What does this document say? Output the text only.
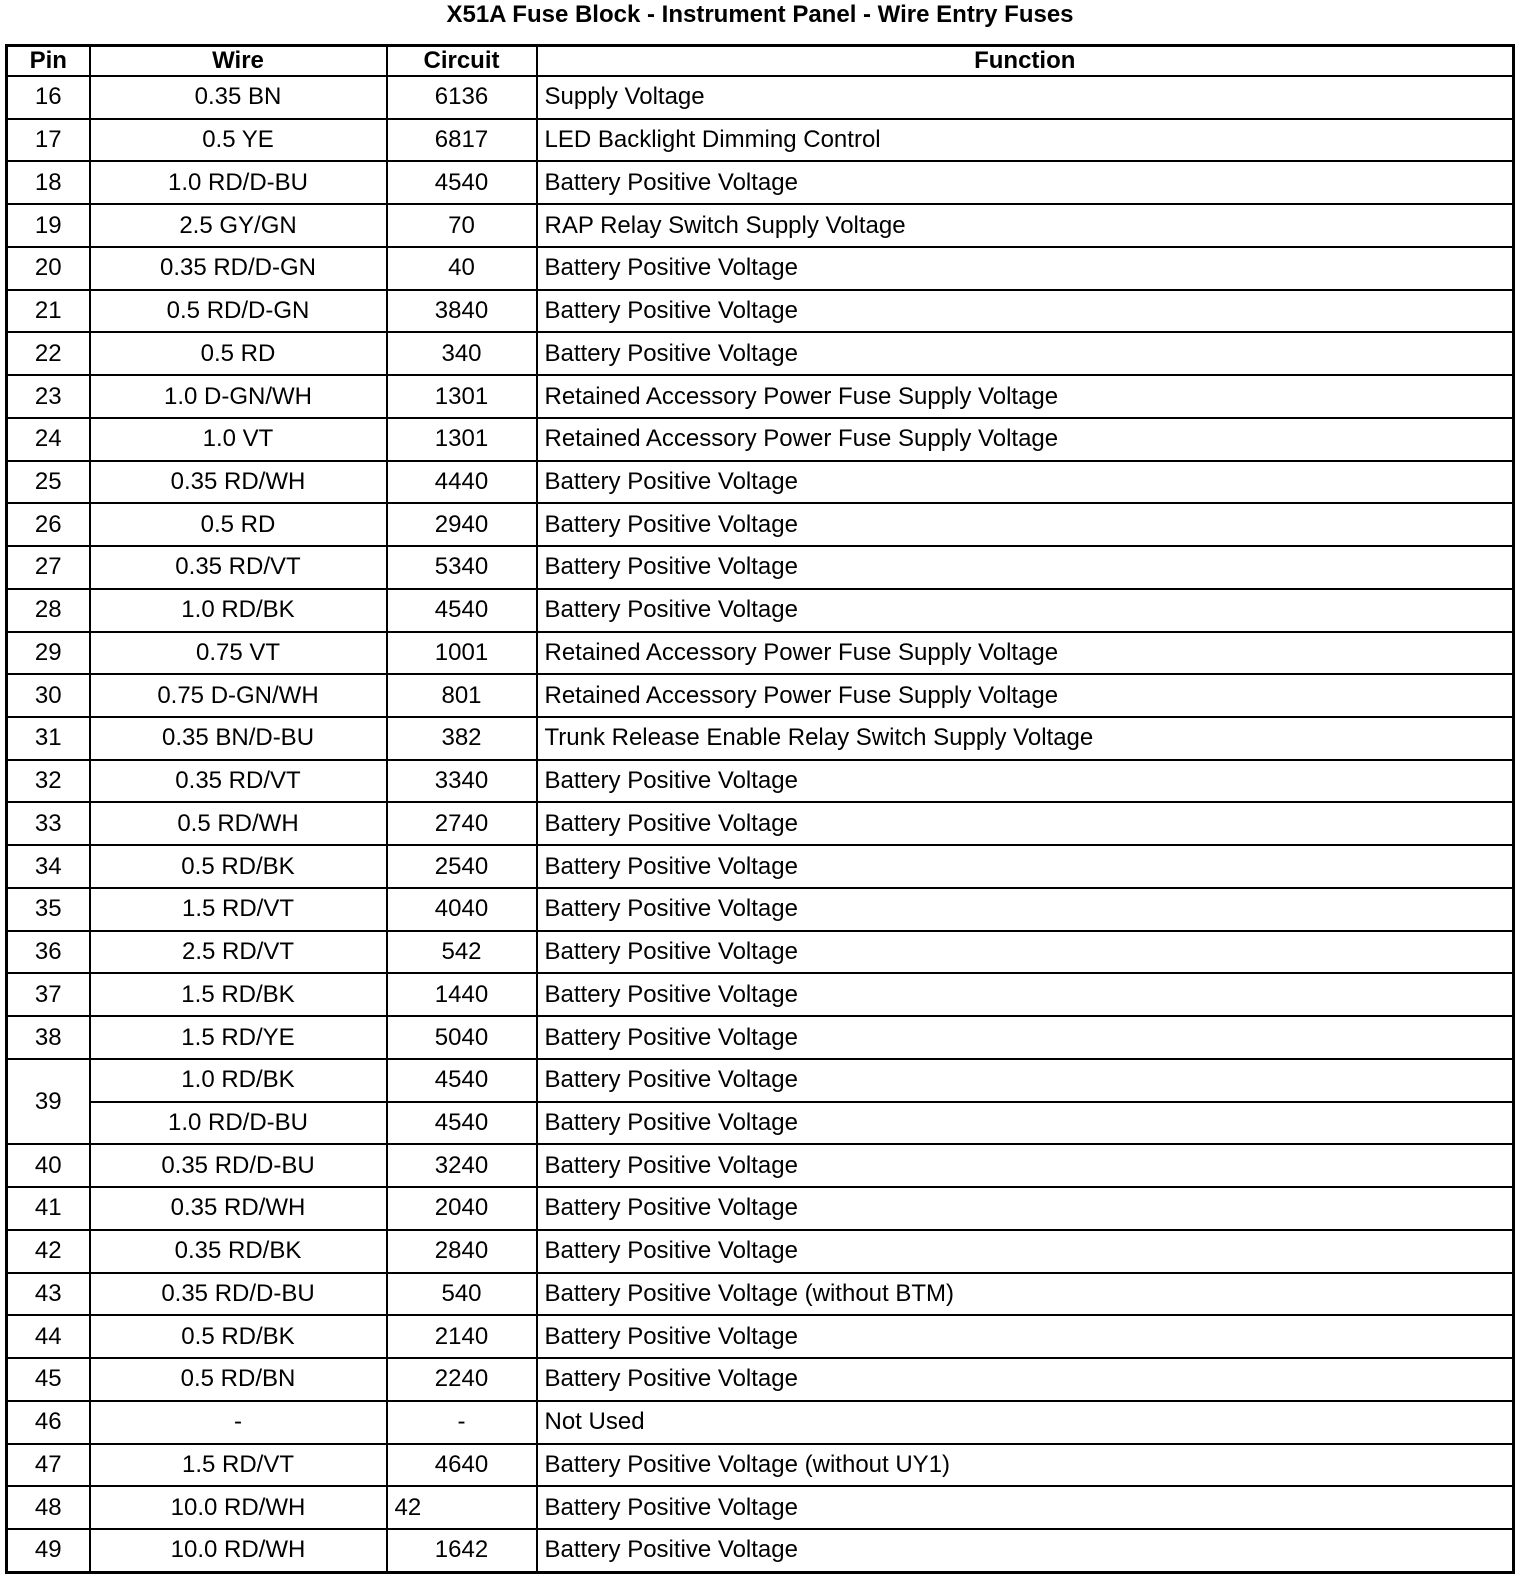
X51A Fuse Block - Instrument Panel - Wire Entry Fuses
Pin	Wire	Circuit	Function
16	0.35 BN	6136	Supply Voltage
17	0.5 YE	6817	LED Backlight Dimming Control
18	1.0 RD/D-BU	4540	Battery Positive Voltage
19	2.5 GY/GN	70	RAP Relay Switch Supply Voltage
20	0.35 RD/D-GN	40	Battery Positive Voltage
21	0.5 RD/D-GN	3840	Battery Positive Voltage
22	0.5 RD	340	Battery Positive Voltage
23	1.0 D-GN/WH	1301	Retained Accessory Power Fuse Supply Voltage
24	1.0 VT	1301	Retained Accessory Power Fuse Supply Voltage
25	0.35 RD/WH	4440	Battery Positive Voltage
26	0.5 RD	2940	Battery Positive Voltage
27	0.35 RD/VT	5340	Battery Positive Voltage
28	1.0 RD/BK	4540	Battery Positive Voltage
29	0.75 VT	1001	Retained Accessory Power Fuse Supply Voltage
30	0.75 D-GN/WH	801	Retained Accessory Power Fuse Supply Voltage
31	0.35 BN/D-BU	382	Trunk Release Enable Relay Switch Supply Voltage
32	0.35 RD/VT	3340	Battery Positive Voltage
33	0.5 RD/WH	2740	Battery Positive Voltage
34	0.5 RD/BK	2540	Battery Positive Voltage
35	1.5 RD/VT	4040	Battery Positive Voltage
36	2.5 RD/VT	542	Battery Positive Voltage
37	1.5 RD/BK	1440	Battery Positive Voltage
38	1.5 RD/YE	5040	Battery Positive Voltage
39	1.0 RD/BK	4540	Battery Positive Voltage
	1.0 RD/D-BU	4540	Battery Positive Voltage
40	0.35 RD/D-BU	3240	Battery Positive Voltage
41	0.35 RD/WH	2040	Battery Positive Voltage
42	0.35 RD/BK	2840	Battery Positive Voltage
43	0.35 RD/D-BU	540	Battery Positive Voltage (without BTM)
44	0.5 RD/BK	2140	Battery Positive Voltage
45	0.5 RD/BN	2240	Battery Positive Voltage
46	-	-	Not Used
47	1.5 RD/VT	4640	Battery Positive Voltage (without UY1)
48	10.0 RD/WH	42	Battery Positive Voltage
49	10.0 RD/WH	1642	Battery Positive Voltage
